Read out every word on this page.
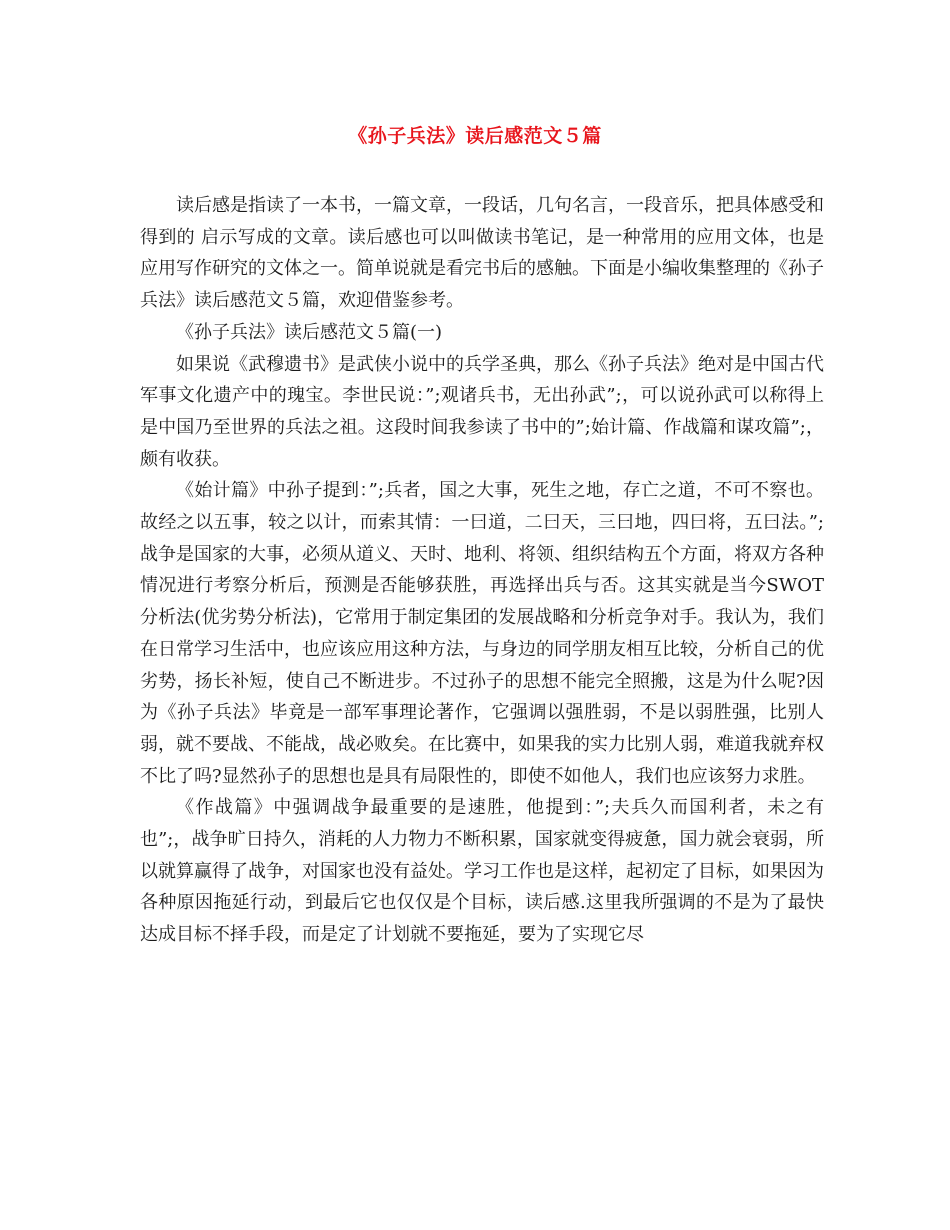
《孙子兵法》读后感范文５篇

读后感是指读了一本书，一篇文章，一段话，几句名言，一段音乐，把具体感受和得到的 启示写成的文章。读后感也可以叫做读书笔记，是一种常用的应用文体，也是应用写作研究的文体之一。简单说就是看完书后的感触。下面是小编收集整理的《孙子兵法》读后感范文５篇，欢迎借鉴参考。

《孙子兵法》读后感范文５篇(一)

如果说《武穆遗书》是武侠小说中的兵学圣典，那么《孙子兵法》绝对是中国古代军事文化遗产中的瑰宝。李世民说：”;观诸兵书，无出孙武”;，可以说孙武可以称得上是中国乃至世界的兵法之祖。这段时间我参读了书中的”;始计篇、作战篇和谋攻篇”;，颇有收获。

《始计篇》中孙子提到：”;兵者，国之大事，死生之地，存亡之道，不可不察也。故经之以五事，较之以计，而索其情：一曰道，二曰天，三曰地，四曰将，五曰法。”;战争是国家的大事，必须从道义、天时、地利、将领、组织结构五个方面，将双方各种情况进行考察分析后，预测是否能够获胜，再选择出兵与否。这其实就是当今SWOT分析法(优劣势分析法)，它常用于制定集团的发展战略和分析竞争对手。我认为，我们在日常学习生活中，也应该应用这种方法，与身边的同学朋友相互比较，分析自己的优劣势，扬长补短，使自己不断进步。不过孙子的思想不能完全照搬，这是为什么呢?因为《孙子兵法》毕竟是一部军事理论著作，它强调以强胜弱，不是以弱胜强，比别人弱，就不要战、不能战，战必败矣。在比赛中，如果我的实力比别人弱，难道我就弃权不比了吗?显然孙子的思想也是具有局限性的，即使不如他人，我们也应该努力求胜。

《作战篇》中强调战争最重要的是速胜，他提到：”;夫兵久而国利者，未之有也”;，战争旷日持久，消耗的人力物力不断积累，国家就变得疲惫，国力就会衰弱，所以就算赢得了战争，对国家也没有益处。学习工作也是这样，起初定了目标，如果因为各种原因拖延行动，到最后它也仅仅是个目标，读后感.这里我所强调的不是为了最快达成目标不择手段，而是定了计划就不要拖延，要为了实现它尽
